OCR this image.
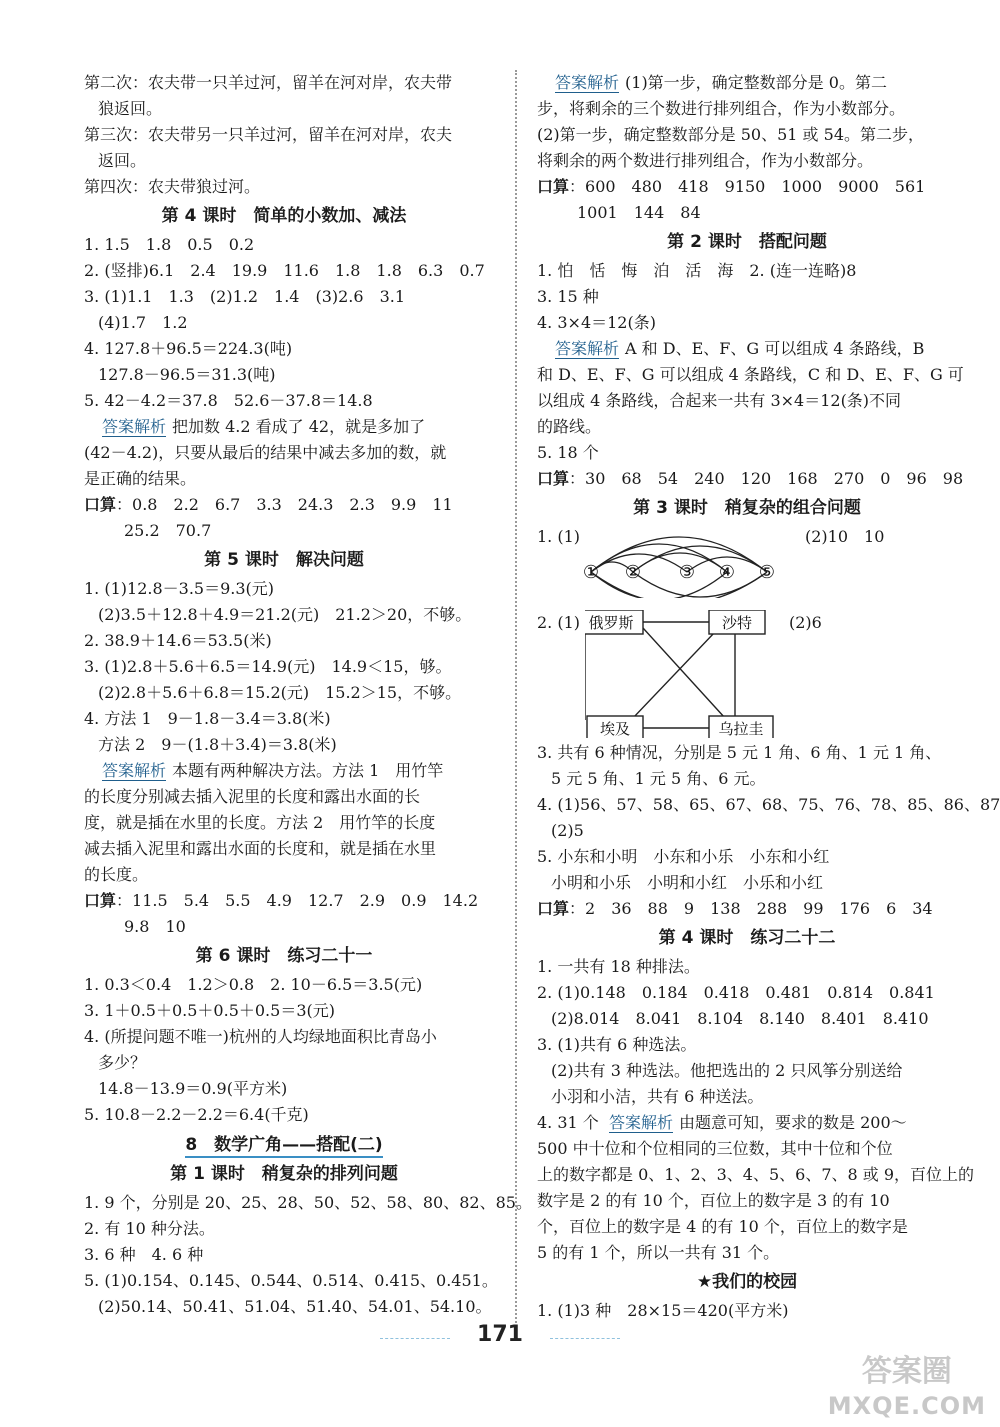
第二次：农夫带一只羊过河，留羊在河对岸，农夫带
狼返回。
第三次：农夫带另一只羊过河，留羊在河对岸，农夫
返回。
第四次：农夫带狼过河。
第 4 课时　简单的小数加、减法
1. 1.5　1.8　0.5　0.2
2. (竖排)6.1　2.4　19.9　11.6　1.8　1.8　6.3　0.7
3. (1)1.1　1.3　(2)1.2　1.4　(3)2.6　3.1
(4)1.7　1.2
4. 127.8＋96.5＝224.3(吨)
127.8－96.5＝31.3(吨)
5. 42－4.2＝37.8　52.6－37.8＝14.8
答案解析 把加数 4.2 看成了 42，就是多加了
(42－4.2)，只要从最后的结果中减去多加的数，就
是正确的结果。
口算：0.8　2.2　6.7　3.3　24.3　2.3　9.9　11
25.2　70.7
第 5 课时　解决问题
1. (1)12.8－3.5＝9.3(元)
(2)3.5＋12.8＋4.9＝21.2(元)　21.2＞20，不够。
2. 38.9＋14.6＝53.5(米)
3. (1)2.8＋5.6＋6.5＝14.9(元)　14.9＜15，够。
(2)2.8＋5.6＋6.8＝15.2(元)　15.2＞15，不够。
4. 方法 1　9－1.8－3.4＝3.8(米)
方法 2　9－(1.8＋3.4)＝3.8(米)
答案解析 本题有两种解决方法。方法 1　用竹竿
的长度分别减去插入泥里的长度和露出水面的长
度，就是插在水里的长度。方法 2　用竹竿的长度
减去插入泥里和露出水面的长度和，就是插在水里
的长度。
口算：11.5　5.4　5.5　4.9　12.7　2.9　0.9　14.2
9.8　10
第 6 课时　练习二十一
1. 0.3＜0.4　1.2＞0.8　2. 10－6.5＝3.5(元)
3. 1＋0.5＋0.5＋0.5＋0.5＝3(元)
4. (所提问题不唯一)杭州的人均绿地面积比青岛小
多少？
14.8－13.9＝0.9(平方米)
5. 10.8－2.2－2.2＝6.4(千克)
8　数学广角——搭配(二)
第 1 课时　稍复杂的排列问题
1. 9 个，分别是 20、25、28、50、52、58、80、82、85。
2. 有 10 种分法。
3. 6 种　4. 6 种
5. (1)0.154、0.145、0.544、0.514、0.415、0.451。
(2)50.14、50.41、51.04、51.40、54.01、54.10。
答案解析 (1)第一步，确定整数部分是 0。第二
步，将剩余的三个数进行排列组合，作为小数部分。
(2)第一步，确定整数部分是 50、51 或 54。第二步，
将剩余的两个数进行排列组合，作为小数部分。
口算：600　480　418　9150　1000　9000　561
1001　144　84
第 2 课时　搭配问题
1. 怕　恬　悔　泊　活　海　2. (连一连略)8
3. 15 种
4. 3×4＝12(条)
答案解析 A 和 D、E、F、G 可以组成 4 条路线，B
和 D、E、F、G 可以组成 4 条路线，C 和 D、E、F、G 可
以组成 4 条路线，合起来一共有 3×4＝12(条)不同
的路线。
5. 18 个
口算：30　68　54　240　120　168　270　0　96　98
第 3 课时　稍复杂的组合问题
1. (1)
① ② ③ ④ ⑤
(2)10　10
2. (1) 俄罗斯	沙特
埃及	乌拉圭
(2)6
3. 共有 6 种情况，分别是 5 元 1 角、6 角、1 元 1 角、
5 元 5 角、1 元 5 角、6 元。
4. (1)56、57、58、65、67、68、75、76、78、85、86、87
(2)5
5. 小东和小明　小东和小乐　小东和小红
小明和小乐　小明和小红　小乐和小红
口算：2　36　88　9　138　288　99　176　6　34
第 4 课时　练习二十二
1. 一共有 18 种排法。
2. (1)0.148　0.184　0.418　0.481　0.814　0.841
(2)8.014　8.041　8.104　8.140　8.401　8.410
3. (1)共有 6 种选法。
(2)共有 3 种选法。他把选出的 2 只风筝分别送给
小羽和小洁，共有 6 种送法。
4. 31 个 答案解析 由题意可知，要求的数是 200～
500 中十位和个位相同的三位数，其中十位和个位
上的数字都是 0、1、2、3、4、5、6、7、8 或 9，百位上的
数字是 2 的有 10 个，百位上的数字是 3 的有 10
个，百位上的数字是 4 的有 10 个，百位上的数字是
5 的有 1 个，所以一共有 31 个。
★我们的校园
1. (1)3 种　28×15＝420(平方米)
171
答案圈
MXQE.COM
